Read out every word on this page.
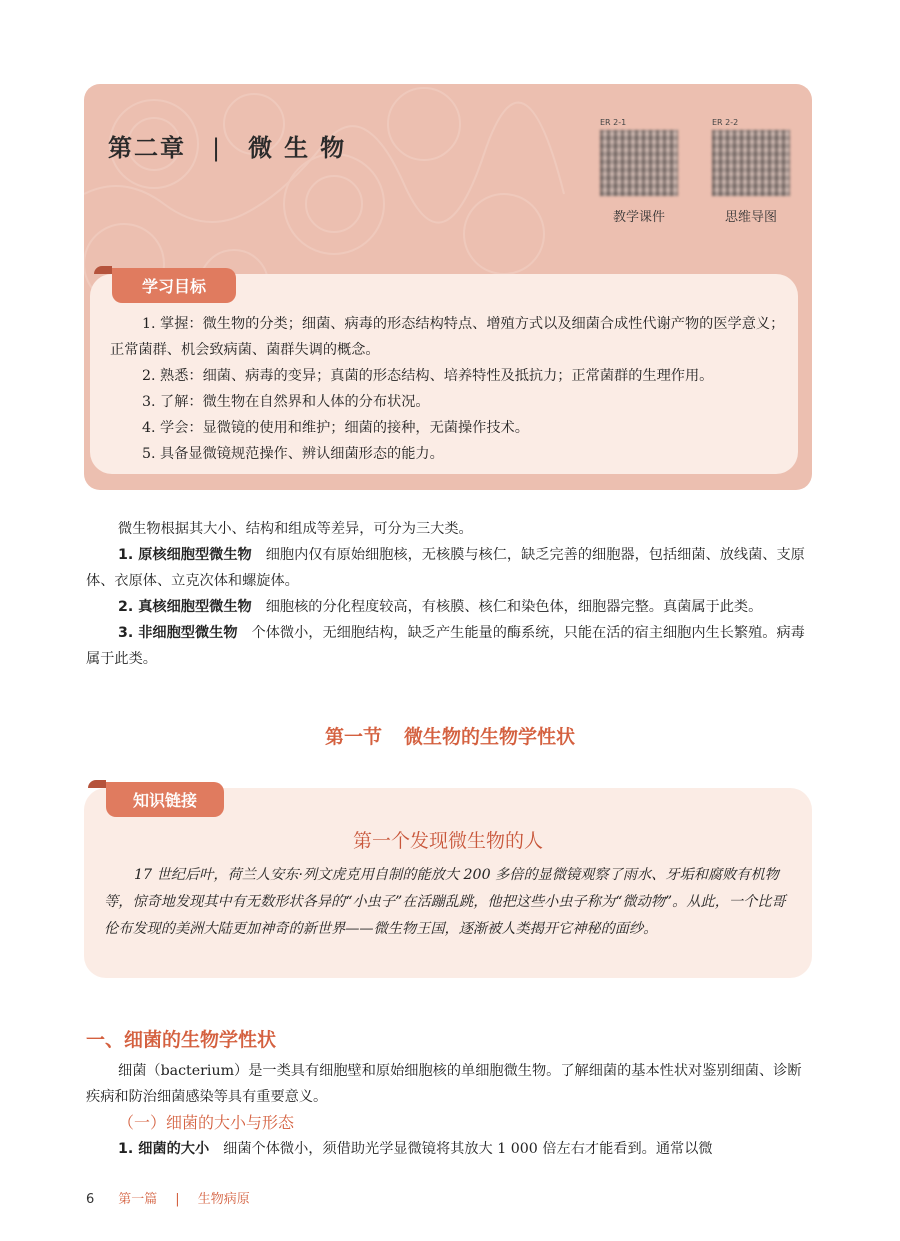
第二章 | 微生物
ER 2-1
教学课件
ER 2-2
思维导图
学习目标

1. 掌握：微生物的分类；细菌、病毒的形态结构特点、增殖方式以及细菌合成性代谢产物的医学意义；正常菌群、机会致病菌、菌群失调的概念。

2. 熟悉：细菌、病毒的变异；真菌的形态结构、培养特性及抵抗力；正常菌群的生理作用。

3. 了解：微生物在自然界和人体的分布状况。

4. 学会：显微镜的使用和维护；细菌的接种，无菌操作技术。

5. 具备显微镜规范操作、辨认细菌形态的能力。

微生物根据其大小、结构和组成等差异，可分为三大类。

1. 原核细胞型微生物 细胞内仅有原始细胞核，无核膜与核仁，缺乏完善的细胞器，包括细菌、放线菌、支原体、衣原体、立克次体和螺旋体。

2. 真核细胞型微生物 细胞核的分化程度较高，有核膜、核仁和染色体，细胞器完整。真菌属于此类。

3. 非细胞型微生物 个体微小，无细胞结构，缺乏产生能量的酶系统，只能在活的宿主细胞内生长繁殖。病毒属于此类。

第一节 微生物的生物学性状
知识链接
第一个发现微生物的人

17 世纪后叶，荷兰人安东·列文虎克用自制的能放大 200 多倍的显微镜观察了雨水、牙垢和腐败有机物等，惊奇地发现其中有无数形状各异的“小虫子”在活蹦乱跳，他把这些小虫子称为“微动物”。从此，一个比哥伦布发现的美洲大陆更加神奇的新世界——微生物王国，逐渐被人类揭开它神秘的面纱。

一、细菌的生物学性状

细菌（bacterium）是一类具有细胞壁和原始细胞核的单细胞微生物。了解细菌的基本性状对鉴别细菌、诊断疾病和防治细菌感染等具有重要意义。

（一）细菌的大小与形态

1. 细菌的大小 细菌个体微小，须借助光学显微镜将其放大 1 000 倍左右才能看到。通常以微

6 第一篇 | 生物病原
